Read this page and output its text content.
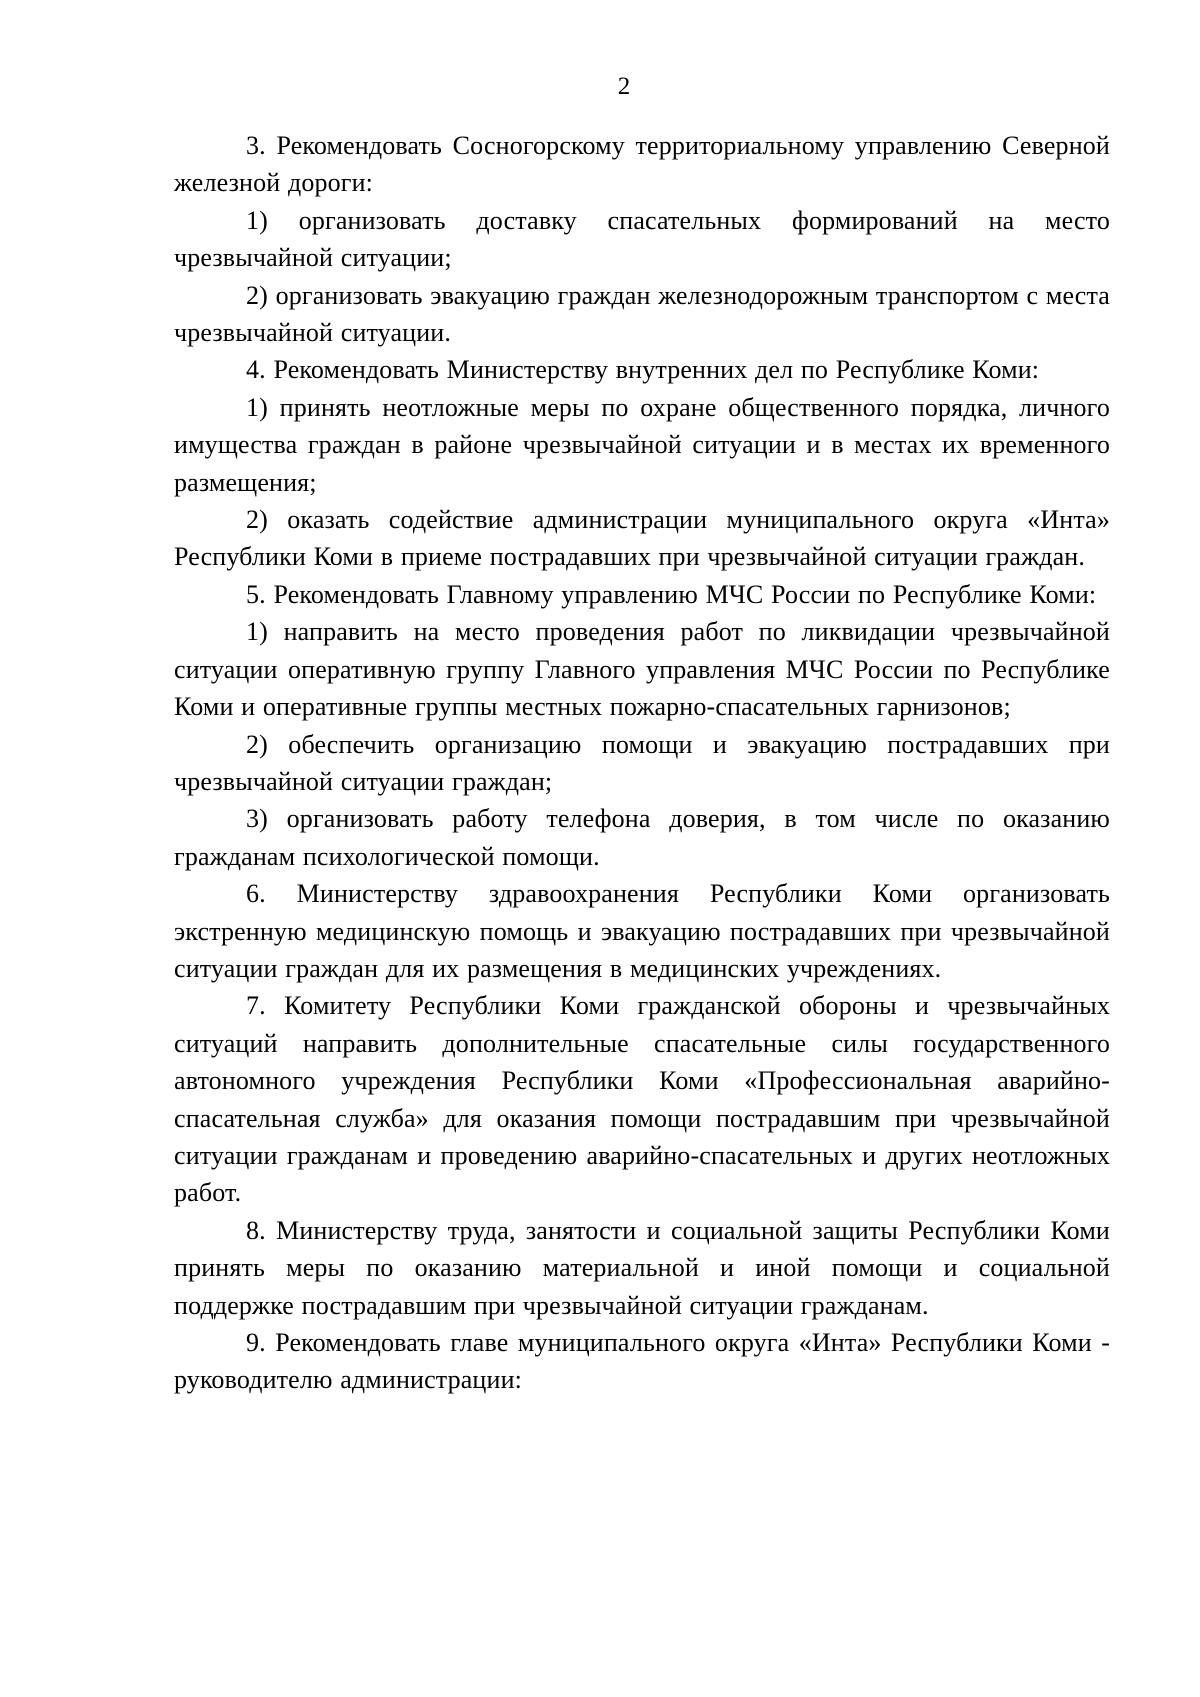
2

3. Рекомендовать Сосногорскому территориальному управлению Северной железной дороги:

1) организовать доставку спасательных формирований на место чрезвычайной ситуации;

2) организовать эвакуацию граждан железнодорожным транспортом с места чрезвычайной ситуации.

4. Рекомендовать Министерству внутренних дел по Республике Коми:

1) принять неотложные меры по охране общественного порядка, личного имущества граждан в районе чрезвычайной ситуации и в местах их временного размещения;

2) оказать содействие администрации муниципального округа «Инта» Республики Коми в приеме пострадавших при чрезвычайной ситуации граждан.

5. Рекомендовать Главному управлению МЧС России по Республике Коми:

1) направить на место проведения работ по ликвидации чрезвычайной ситуации оперативную группу Главного управления МЧС России по Республике Коми и оперативные группы местных пожарно-спасательных гарнизонов;

2) обеспечить организацию помощи и эвакуацию пострадавших при чрезвычайной ситуации граждан;

3) организовать работу телефона доверия, в том числе по оказанию гражданам психологической помощи.

6. Министерству здравоохранения Республики Коми организовать экстренную медицинскую помощь и эвакуацию пострадавших при чрезвычайной ситуации граждан для их размещения в медицинских учреждениях.

7. Комитету Республики Коми гражданской обороны и чрезвычайных ситуаций направить дополнительные спасательные силы государственного автономного учреждения Республики Коми «Профессиональная аварийно-спасательная служба» для оказания помощи пострадавшим при чрезвычайной ситуации гражданам и проведению аварийно-спасательных и других неотложных работ.

8. Министерству труда, занятости и социальной защиты Республики Коми принять меры по оказанию материальной и иной помощи и социальной поддержке пострадавшим при чрезвычайной ситуации гражданам.

9. Рекомендовать главе муниципального округа «Инта» Республики Коми - руководителю администрации:
